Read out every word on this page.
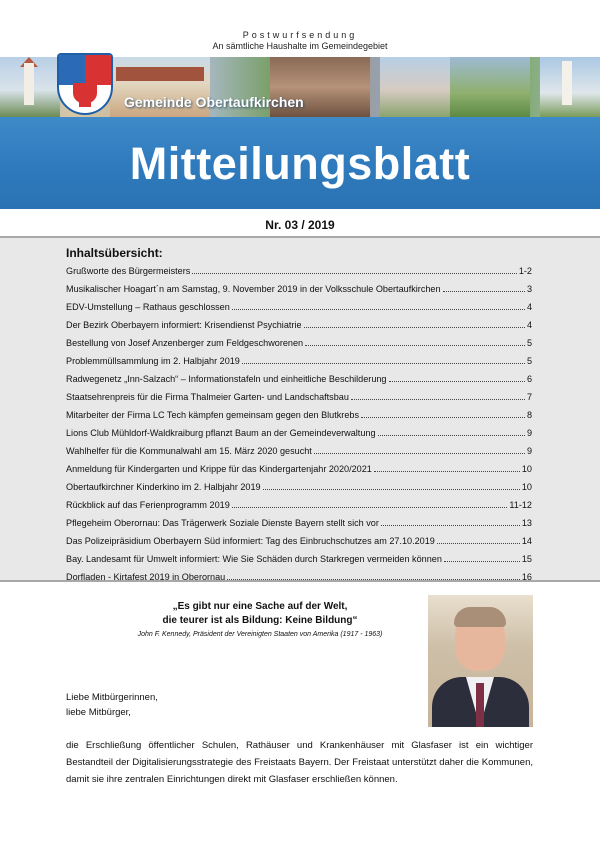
Postwurfsendung
An sämtliche Haushalte im Gemeindegebiet
Gemeinde Obertaufkirchen
Mitteilungsblatt
Nr. 03 / 2019
Inhaltsübersicht:
Grußworte des Bürgermeisters	1-2
Musikalischer Hoagart´n am Samstag, 9. November 2019 in der Volksschule Obertaufkirchen	3
EDV-Umstellung – Rathaus geschlossen	4
Der Bezirk Oberbayern informiert: Krisendienst Psychiatrie	4
Bestellung von Josef Anzenberger zum Feldgeschworenen	5
Problemmüllsammlung im 2. Halbjahr 2019	5
Radwegenetz „Inn-Salzach“ – Informationstafeln und einheitliche Beschilderung	6
Staatsehrenpreis für die Firma Thalmeier Garten- und Landschaftsbau	7
Mitarbeiter der Firma LC Tech kämpfen gemeinsam gegen den Blutkrebs	8
Lions Club Mühldorf-Waldkraiburg pflanzt Baum an der Gemeindeverwaltung	9
Wahlhelfer für die Kommunalwahl am 15. März 2020 gesucht	9
Anmeldung für Kindergarten und Krippe für das Kindergartenjahr 2020/2021	10
Obertaufkirchner Kinderkino im 2. Halbjahr 2019	10
Rückblick auf das Ferienprogramm 2019	11-12
Pflegeheim Oberornau: Das Trägerwerk Soziale Dienste Bayern stellt sich vor	13
Das Polizeipräsidium Oberbayern Süd informiert: Tag des Einbruchschutzes am 27.10.2019	14
Bay. Landesamt für Umwelt informiert: Wie Sie Schäden durch Starkregen vermeiden können	15
Dorfladen - Kirtafest 2019 in Oberornau	16
„Es gibt nur eine Sache auf der Welt,
die teurer ist als Bildung: Keine Bildung“
John F. Kennedy, Präsident der Vereinigten Staaten von Amerika (1917 - 1963)
Liebe Mitbürgerinnen,
liebe Mitbürger,
die Erschließung öffentlicher Schulen, Rathäuser und Krankenhäuser mit Glasfaser ist ein wichtiger Bestandteil der Digitalisierungsstrategie des Freistaats Bayern. Der Freistaat unterstützt daher die Kommunen, damit sie ihre zentralen Einrichtungen direkt mit Glasfaser erschließen können.
